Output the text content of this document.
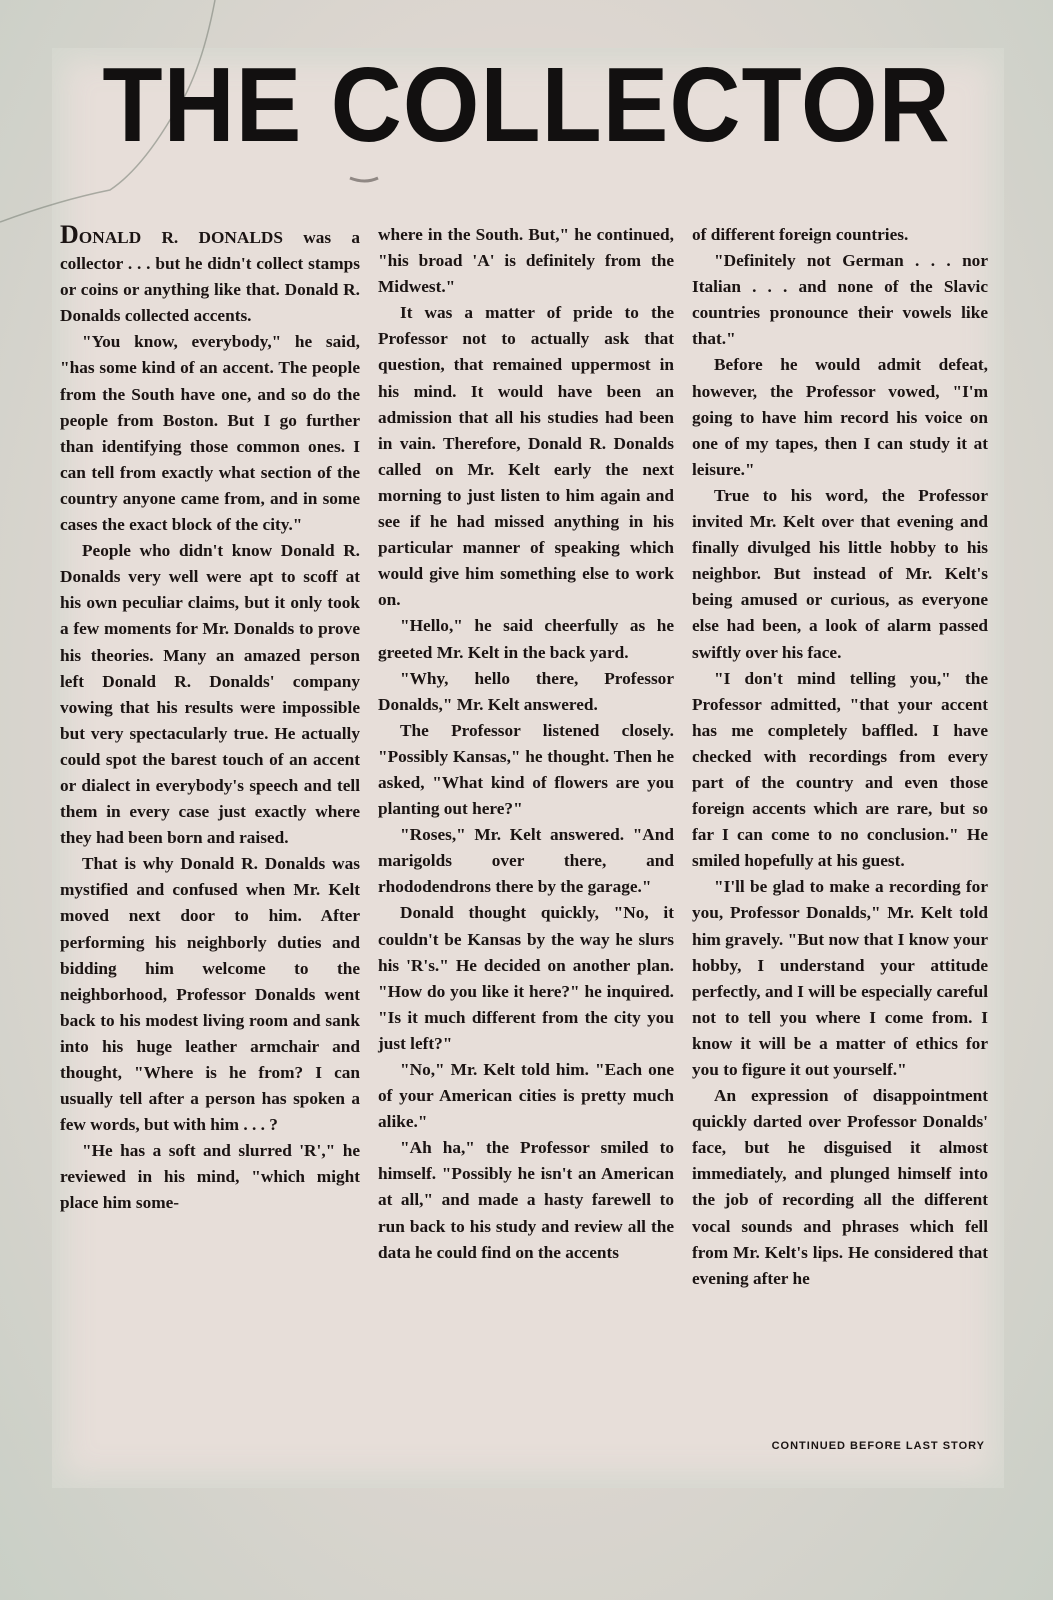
THE COLLECTOR

DONALD R. DONALDS was a collector . . . but he didn't collect stamps or coins or anything like that. Donald R. Donalds collected accents.

"You know, everybody," he said, "has some kind of an accent. The people from the South have one, and so do the people from Boston. But I go further than identifying those common ones. I can tell from exactly what section of the country anyone came from, and in some cases the exact block of the city."

People who didn't know Donald R. Donalds very well were apt to scoff at his own peculiar claims, but it only took a few moments for Mr. Donalds to prove his theories. Many an amazed person left Donald R. Donalds' company vowing that his results were impossible but very spectacularly true. He actually could spot the barest touch of an accent or dialect in everybody's speech and tell them in every case just exactly where they had been born and raised.

That is why Donald R. Donalds was mystified and confused when Mr. Kelt moved next door to him. After performing his neighborly duties and bidding him welcome to the neighborhood, Professor Donalds went back to his modest living room and sank into his huge leather armchair and thought, "Where is he from? I can usually tell after a person has spoken a few words, but with him . . . ?

"He has a soft and slurred 'R'," he reviewed in his mind, "which might place him some-

where in the South. But," he continued, "his broad 'A' is definitely from the Midwest."

It was a matter of pride to the Professor not to actually ask that question, that remained uppermost in his mind. It would have been an admission that all his studies had been in vain. Therefore, Donald R. Donalds called on Mr. Kelt early the next morning to just listen to him again and see if he had missed anything in his particular manner of speaking which would give him something else to work on.

"Hello," he said cheerfully as he greeted Mr. Kelt in the back yard.

"Why, hello there, Professor Donalds," Mr. Kelt answered.

The Professor listened closely. "Possibly Kansas," he thought. Then he asked, "What kind of flowers are you planting out here?"

"Roses," Mr. Kelt answered. "And marigolds over there, and rhododendrons there by the garage."

Donald thought quickly, "No, it couldn't be Kansas by the way he slurs his 'R's." He decided on another plan. "How do you like it here?" he inquired. "Is it much different from the city you just left?"

"No," Mr. Kelt told him. "Each one of your American cities is pretty much alike."

"Ah ha," the Professor smiled to himself. "Possibly he isn't an American at all," and made a hasty farewell to run back to his study and review all the data he could find on the accents

of different foreign countries.

"Definitely not German . . . nor Italian . . . and none of the Slavic countries pronounce their vowels like that."

Before he would admit defeat, however, the Professor vowed, "I'm going to have him record his voice on one of my tapes, then I can study it at leisure."

True to his word, the Professor invited Mr. Kelt over that evening and finally divulged his little hobby to his neighbor. But instead of Mr. Kelt's being amused or curious, as everyone else had been, a look of alarm passed swiftly over his face.

"I don't mind telling you," the Professor admitted, "that your accent has me completely baffled. I have checked with recordings from every part of the country and even those foreign accents which are rare, but so far I can come to no conclusion." He smiled hopefully at his guest.

"I'll be glad to make a recording for you, Professor Donalds," Mr. Kelt told him gravely. "But now that I know your hobby, I understand your attitude perfectly, and I will be especially careful not to tell you where I come from. I know it will be a matter of ethics for you to figure it out yourself."

An expression of disappointment quickly darted over Professor Donalds' face, but he disguised it almost immediately, and plunged himself into the job of recording all the different vocal sounds and phrases which fell from Mr. Kelt's lips. He considered that evening after he

CONTINUED BEFORE LAST STORY
